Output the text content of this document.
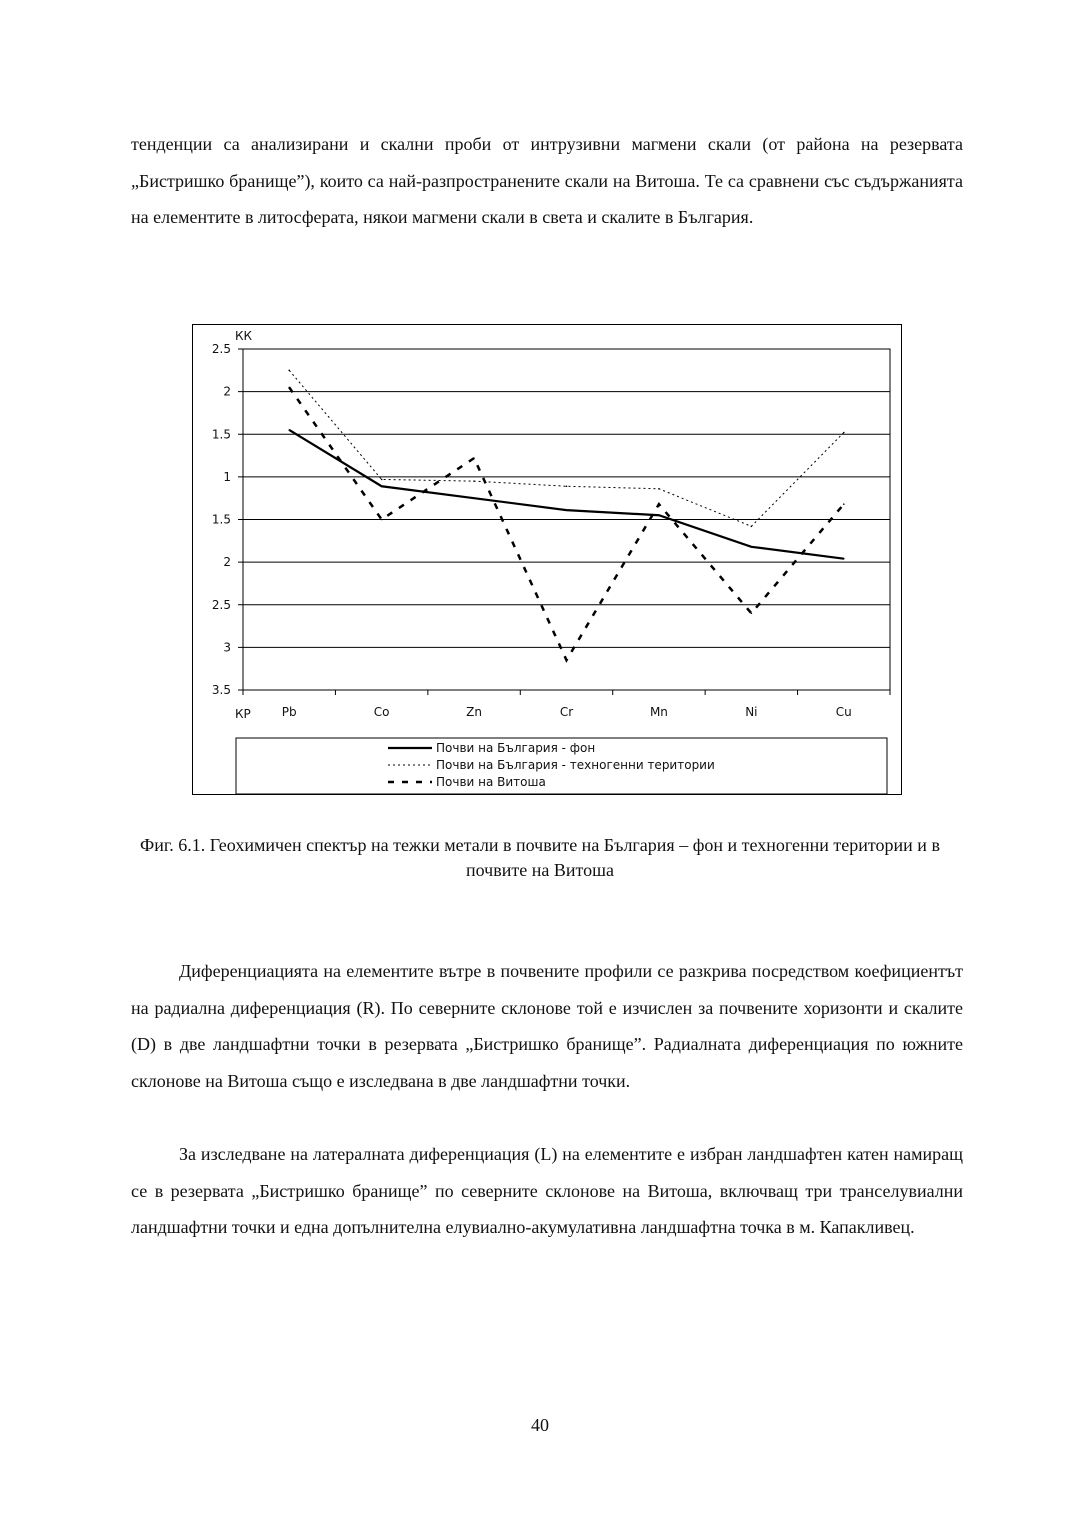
тенденции са анализирани и скални проби от интрузивни магмени скали (от района на резервата „Бистришко бранище”), които са най-разпространените скали на Витоша. Те са сравнени със съдържанията на елементите в литосферата, някои магмени скали в света и скалите в България.

2.5
2
1.5
1
1.5
2
2.5
3
3.5
КК
КР	Pb	Co	Zn	Cr	Mn	Ni	Cu
Почви на България - фон
Почви на България - техногенни територии
Почви на Витоша
Фиг. 6.1. Геохимичен спектър на тежки метали в почвите на България – фон и техногенни територии и в почвите на Витоша

Диференциацията на елементите вътре в почвените профили се разкрива посредством коефициентът на радиална диференциация (R). По северните склонове той е изчислен за почвените хоризонти и скалите (D) в две ландшафтни точки в резервата „Бистришко бранище”. Радиалната диференциация по южните склонове на Витоша също е изследвана в две ландшафтни точки.

За изследване на латералната диференциация (L) на елементите е избран ландшафтен катен намиращ се в резервата „Бистришко бранище” по северните склонове на Витоша, включващ три транселувиални ландшафтни точки и една допълнителна елувиално-акумулативна ландшафтна точка в м. Капакливец.

40
